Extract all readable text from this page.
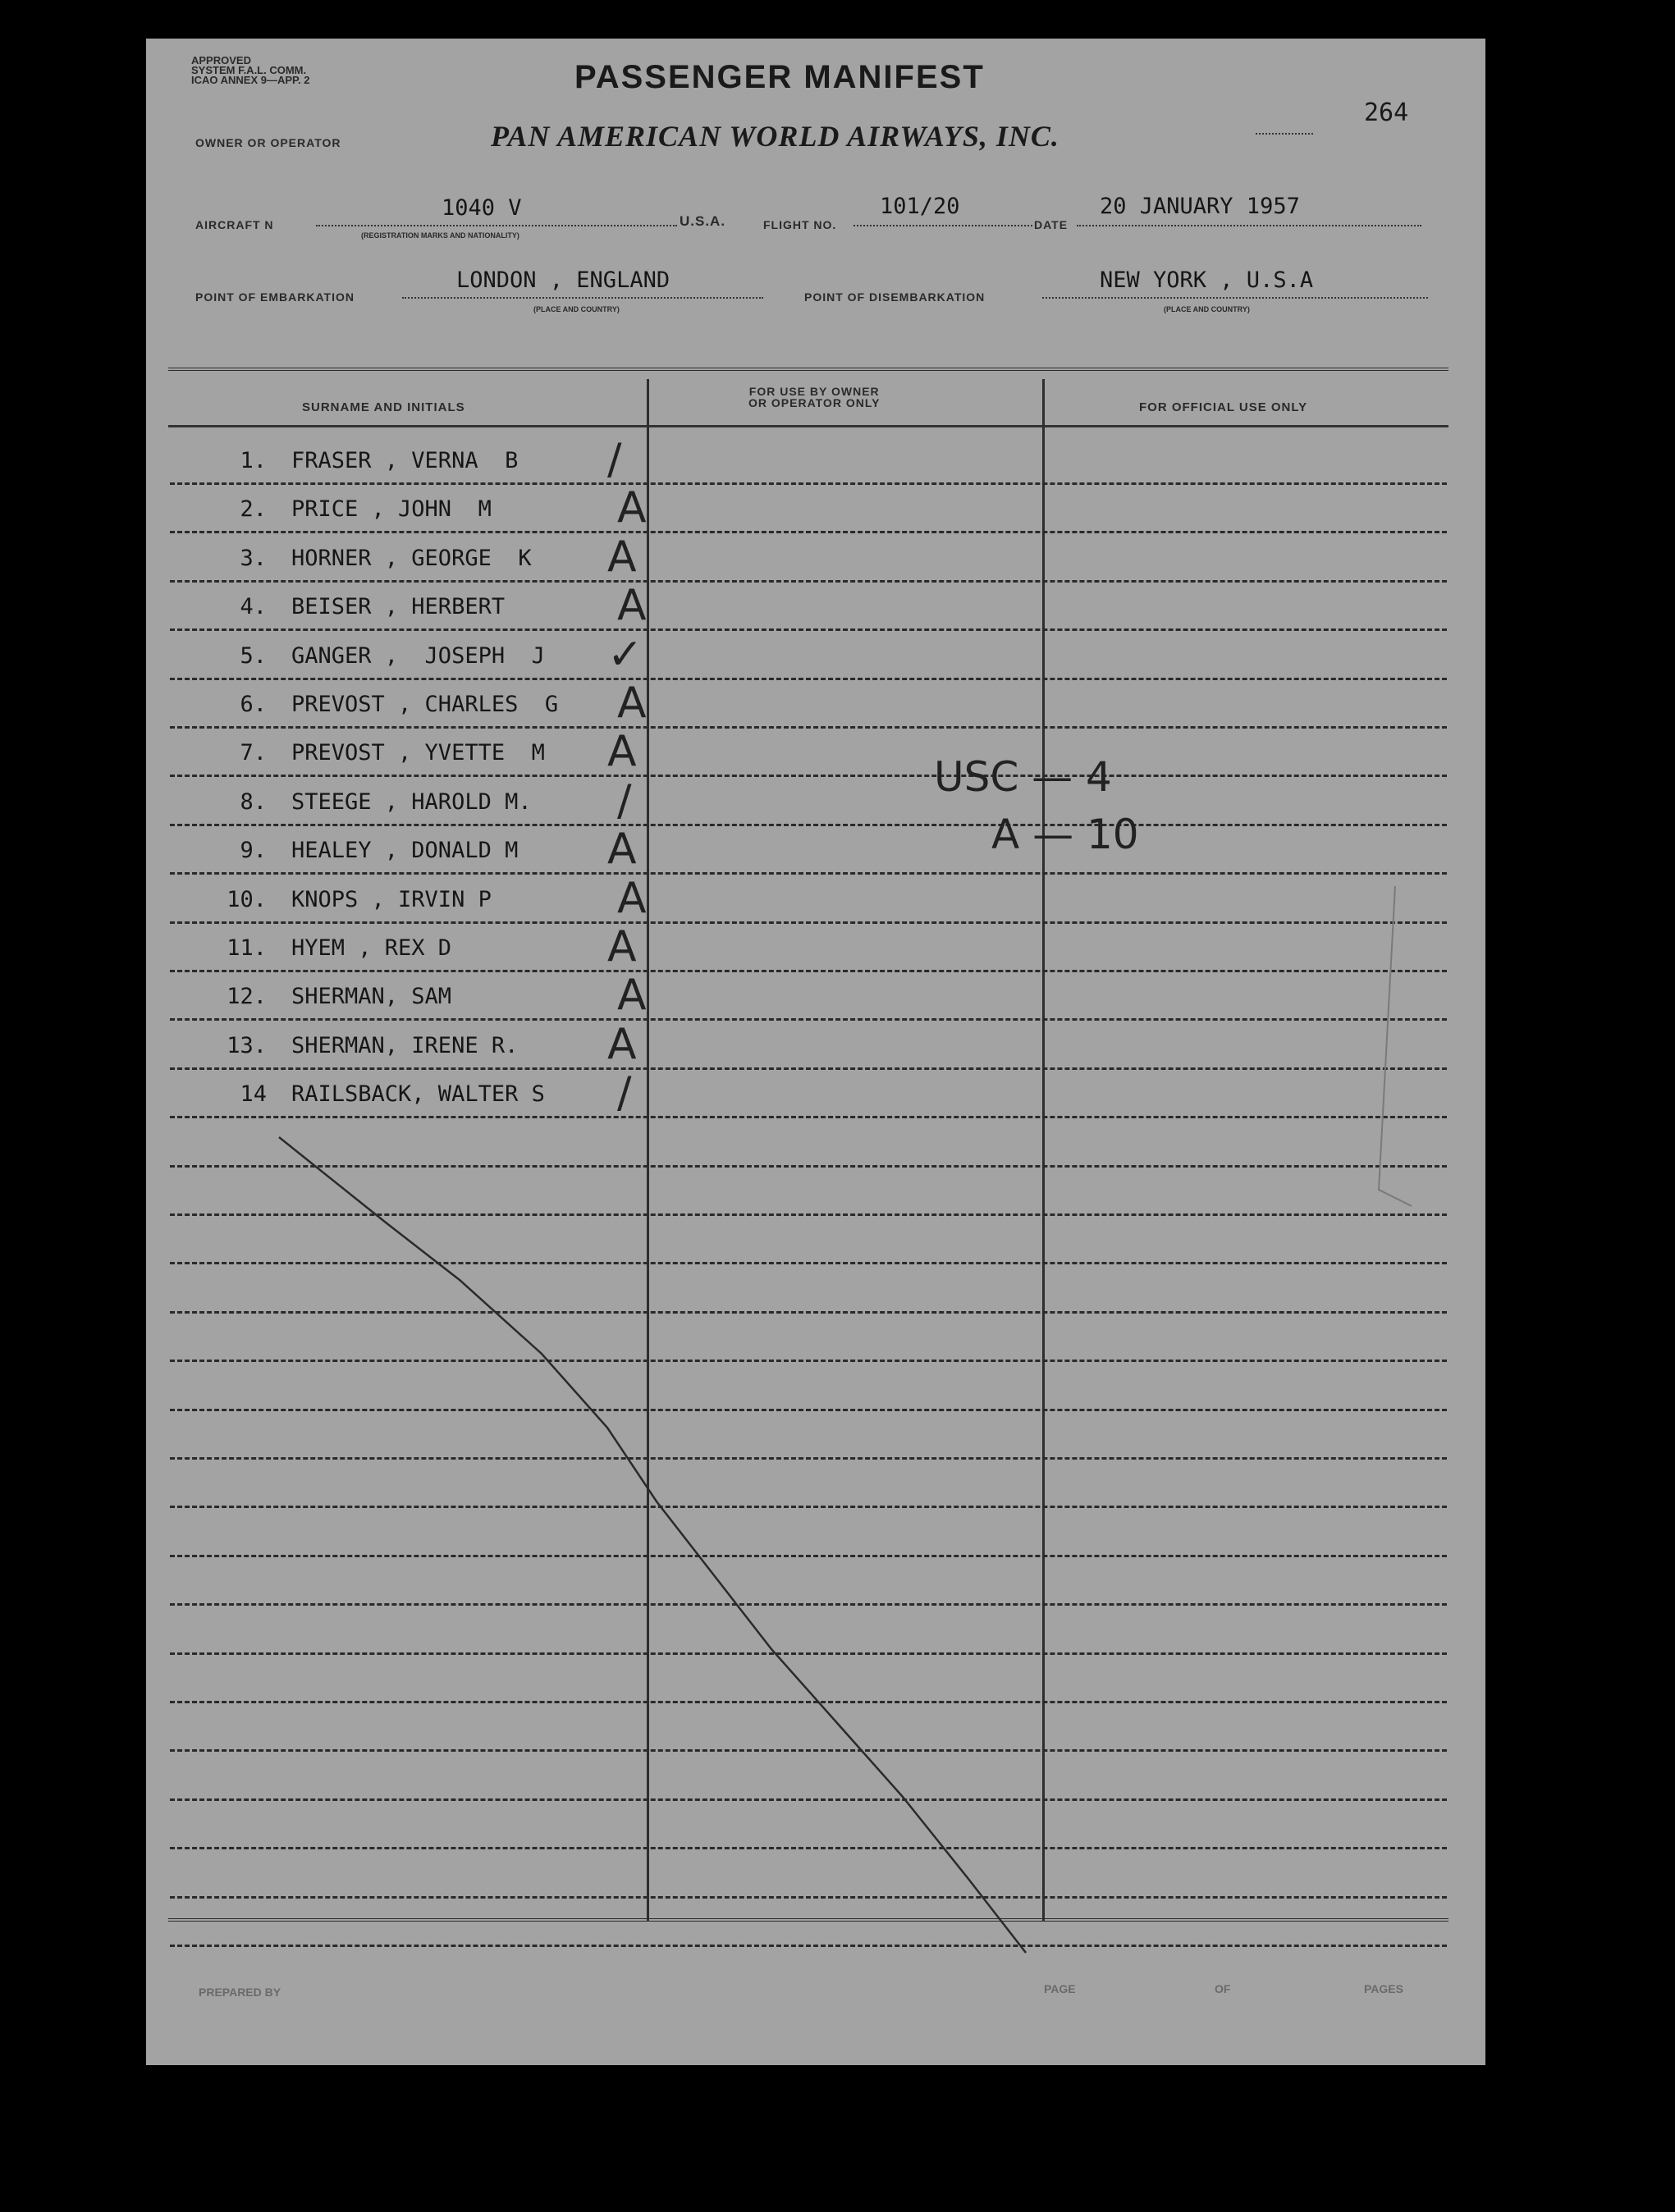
APPROVED
SYSTEM F.A.L. COMM.
ICAO ANNEX 9—APP. 2	PASSENGER MANIFEST
264
OWNER OR OPERATOR	PAN AMERICAN WORLD AIRWAYS, INC.
AIRCRAFT N
1040 V
(REGISTRATION MARKS AND NATIONALITY)
U.S.A.	FLIGHT NO.
101/20
DATE
20 JANUARY 1957
POINT OF EMBARKATION
LONDON , ENGLAND
(PLACE AND COUNTRY)
POINT OF DISEMBARKATION
NEW YORK , U.S.A
(PLACE AND COUNTRY)
SURNAME AND INITIALS
FOR USE BY OWNER
OR OPERATOR ONLY	FOR OFFICIAL USE ONLY
1. FRASER , VERNA  B /
2. PRICE , JOHN  M	A
3. HORNER , GEORGE  K A
4. BEISER , HERBERT	A
5. GANGER ,  JOSEPH  J ✓
6. PREVOST , CHARLES  G A
7. PREVOST , YVETTE  M A
8. STEEGE , HAROLD M. /
9. HEALEY , DONALD M A
10. KNOPS , IRVIN P	A
11. HYEM , REX D	A
12. SHERMAN, SAM	A
13. SHERMAN, IRENE R. A
14 RAILSBACK, WALTER S /
USC — 4
A — 10
PREPARED BY	PAGE	OF	PAGES
